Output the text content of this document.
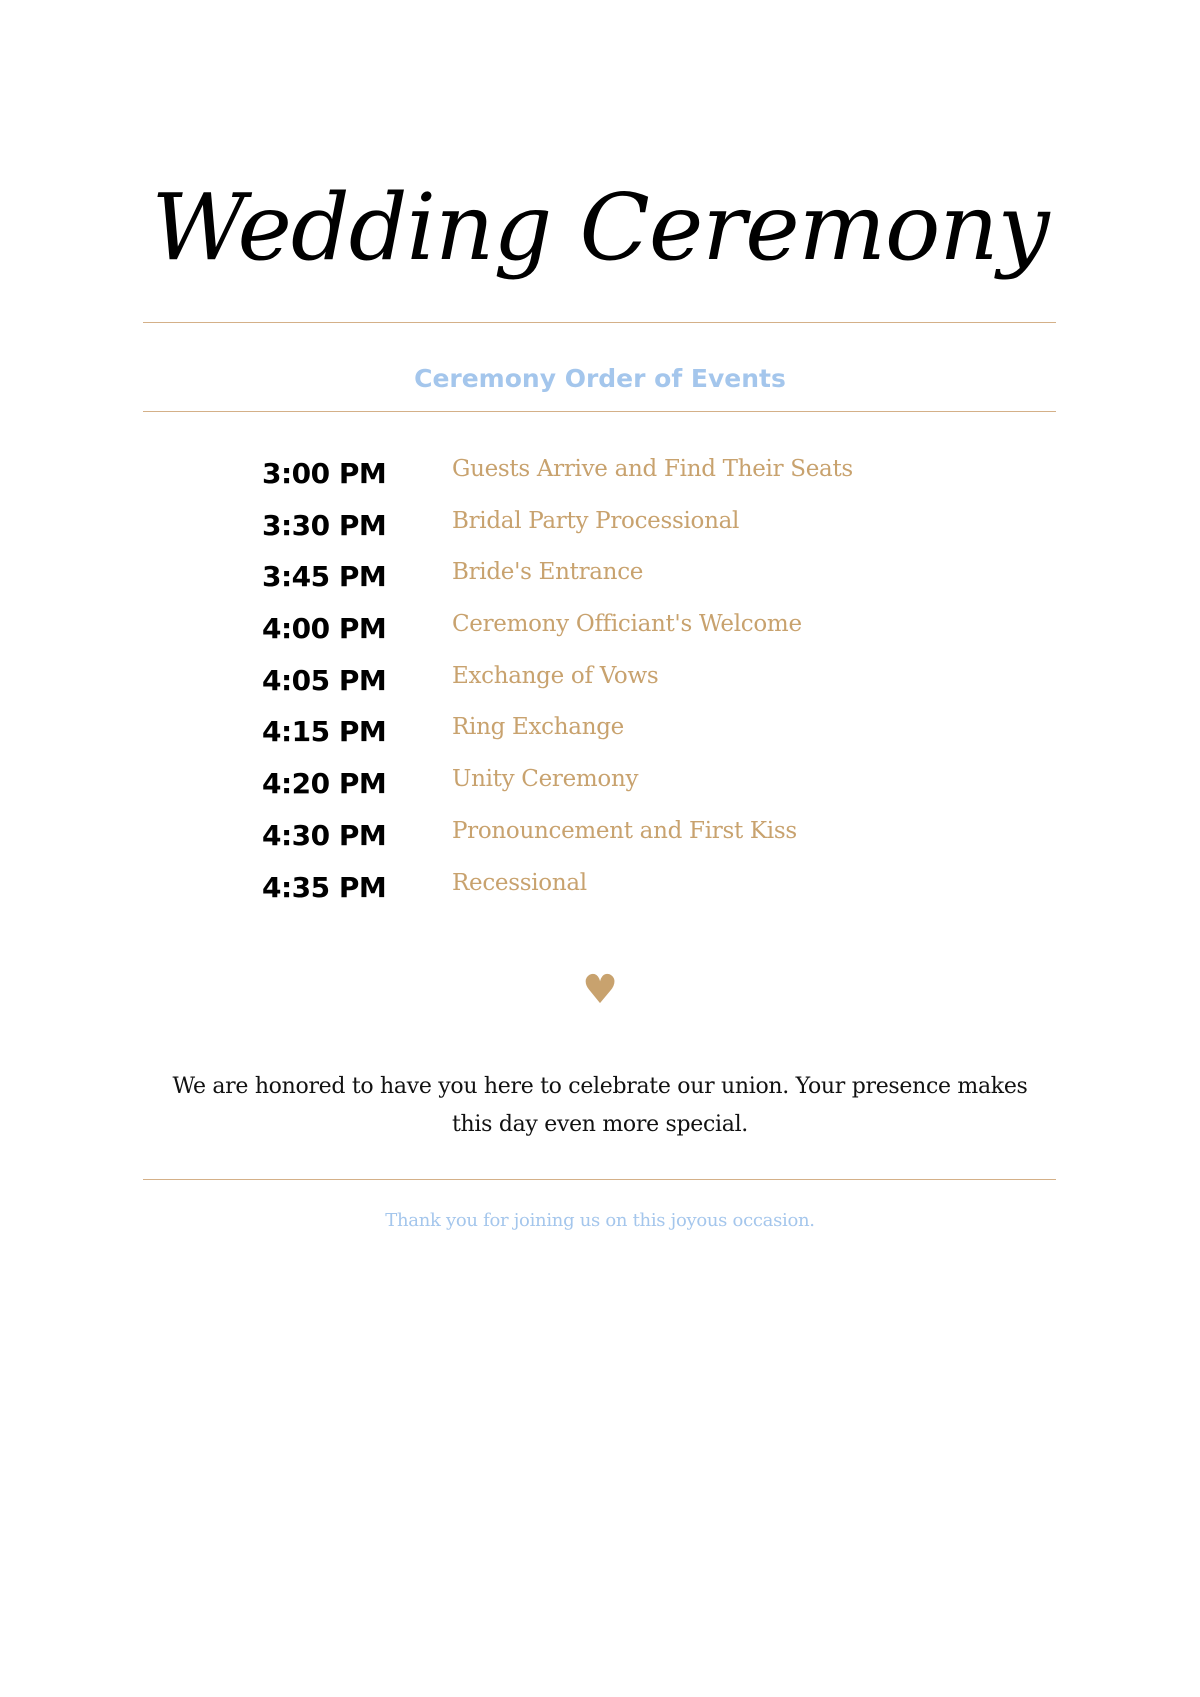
Wedding Ceremony
Ceremony Order of Events
3:00 PM	Guests Arrive and Find Their Seats
3:30 PM	Bridal Party Processional
3:45 PM	Bride's Entrance
4:00 PM	Ceremony Officiant's Welcome
4:05 PM	Exchange of Vows
4:15 PM	Ring Exchange
4:20 PM	Unity Ceremony
4:30 PM	Pronouncement and First Kiss
4:35 PM	Recessional
♥

We are honored to have you here to celebrate our union. Your presence makes this day even more special.

Thank you for joining us on this joyous occasion.
